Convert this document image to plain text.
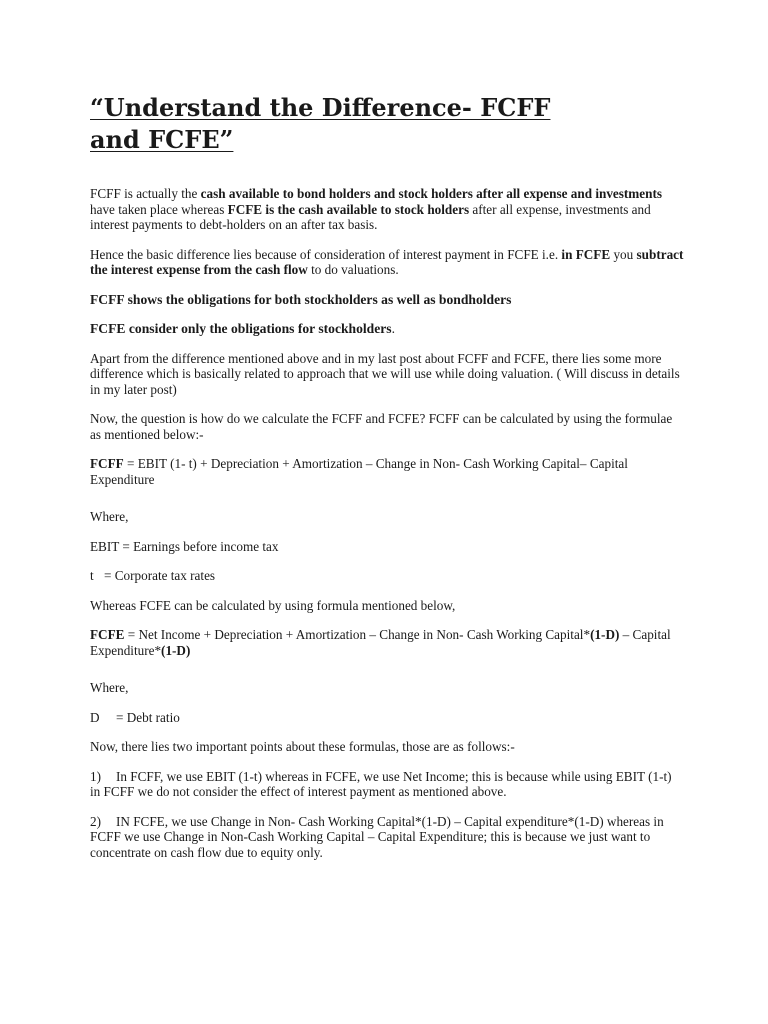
“Understand the Difference- FCFF
and FCFE”

FCFF is actually the cash available to bond holders and stock holders after all expense and investments have taken place whereas FCFE is the cash available to stock holders after all expense, investments and interest payments to debt-holders on an after tax basis.

Hence the basic difference lies because of consideration of interest payment in FCFE i.e. in FCFE you subtract the interest expense from the cash flow to do valuations.

FCFF shows the obligations for both stockholders as well as bondholders

FCFE consider only the obligations for stockholders.

Apart from the difference mentioned above and in my last post about FCFF and FCFE, there lies some more difference which is basically related to approach that we will use while doing valuation. ( Will discuss in details in my later post)

Now, the question is how do we calculate the FCFF and FCFE? FCFF can be calculated by using the formulae as mentioned below:-

FCFF = EBIT (1- t) + Depreciation + Amortization – Change in Non- Cash Working Capital– Capital Expenditure

Where,

EBIT = Earnings before income tax

t = Corporate tax rates

Whereas FCFE can be calculated by using formula mentioned below,

FCFE = Net Income + Depreciation + Amortization – Change in Non- Cash Working Capital*(1-D) – Capital Expenditure*(1-D)

Where,

D = Debt ratio

Now, there lies two important points about these formulas, those are as follows:-

1) In FCFF, we use EBIT (1-t) whereas in FCFE, we use Net Income; this is because while using EBIT (1-t) in FCFF we do not consider the effect of interest payment as mentioned above.

2) IN FCFE, we use Change in Non- Cash Working Capital*(1-D) – Capital expenditure*(1-D) whereas in FCFF we use Change in Non-Cash Working Capital – Capital Expenditure; this is because we just want to concentrate on cash flow due to equity only.
